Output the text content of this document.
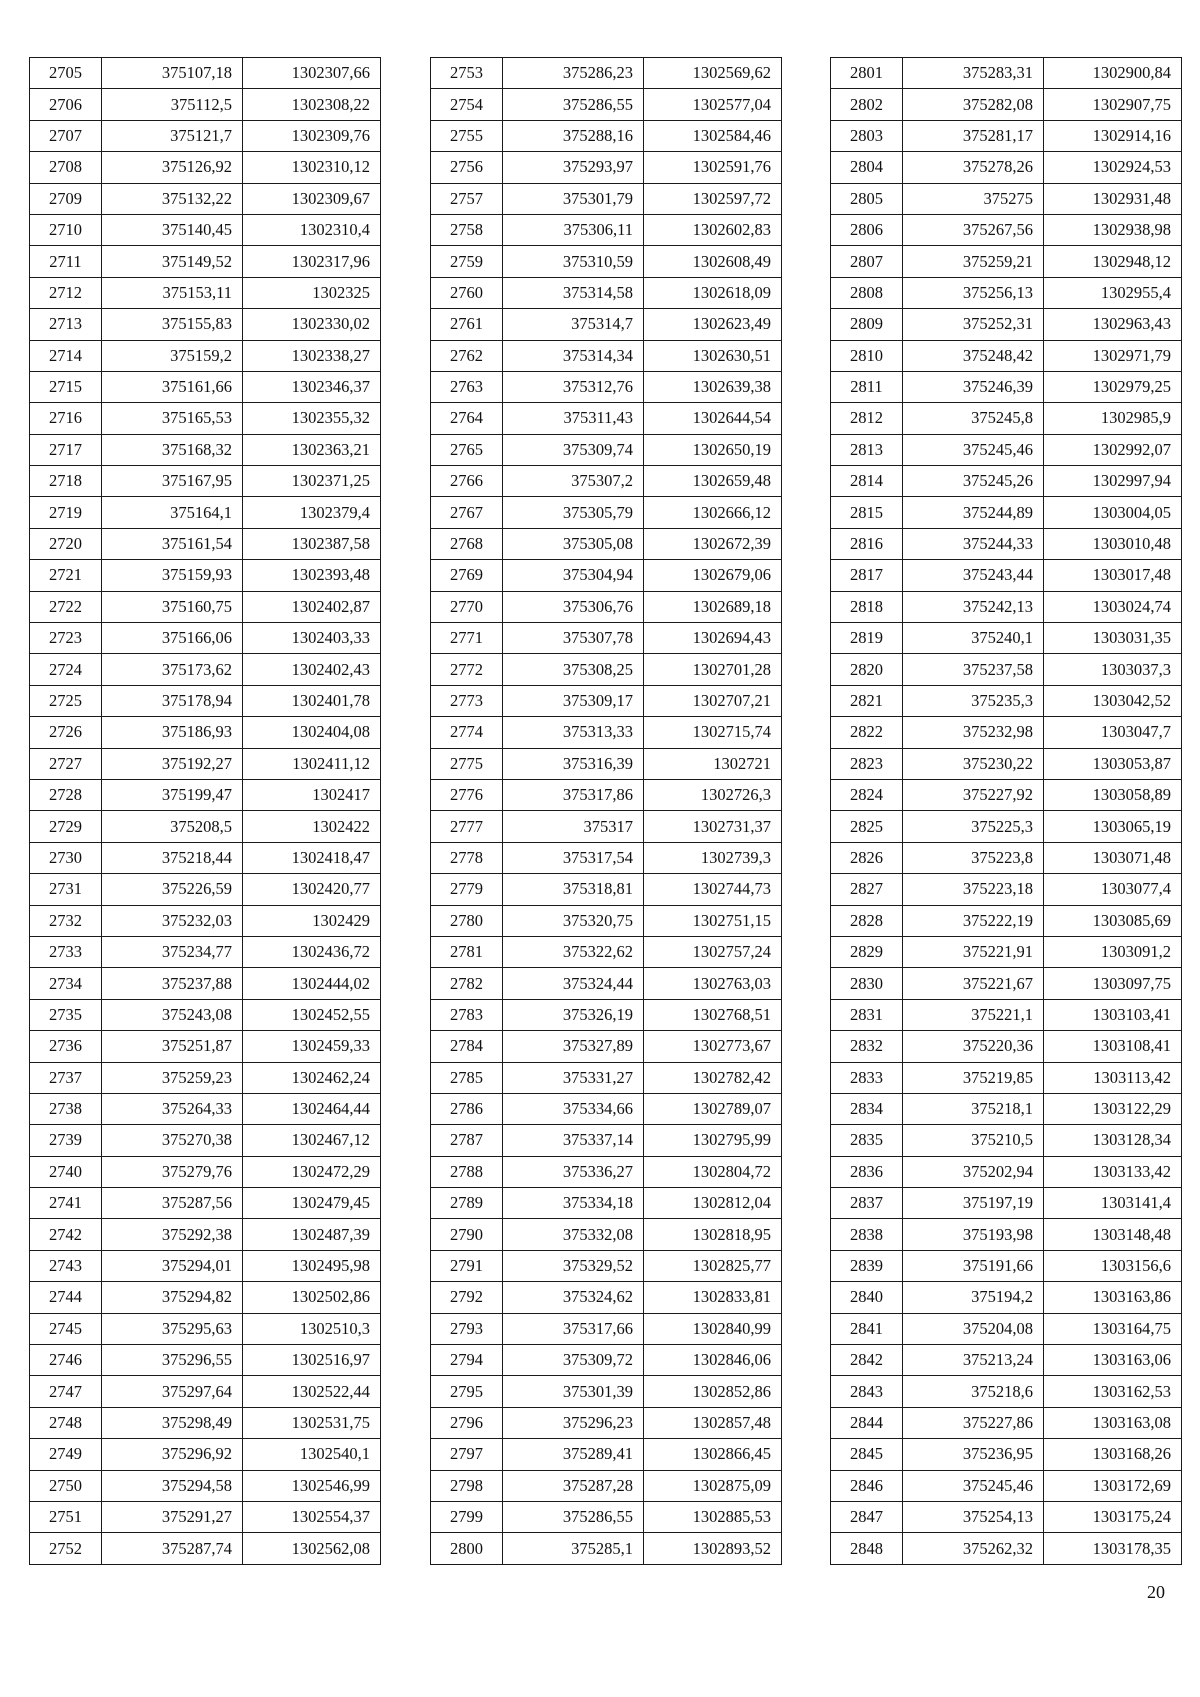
2705	375107,18	1302307,66
2706	375112,5	1302308,22
2707	375121,7	1302309,76
2708	375126,92	1302310,12
2709	375132,22	1302309,67
2710	375140,45	1302310,4
2711	375149,52	1302317,96
2712	375153,11	1302325
2713	375155,83	1302330,02
2714	375159,2	1302338,27
2715	375161,66	1302346,37
2716	375165,53	1302355,32
2717	375168,32	1302363,21
2718	375167,95	1302371,25
2719	375164,1	1302379,4
2720	375161,54	1302387,58
2721	375159,93	1302393,48
2722	375160,75	1302402,87
2723	375166,06	1302403,33
2724	375173,62	1302402,43
2725	375178,94	1302401,78
2726	375186,93	1302404,08
2727	375192,27	1302411,12
2728	375199,47	1302417
2729	375208,5	1302422
2730	375218,44	1302418,47
2731	375226,59	1302420,77
2732	375232,03	1302429
2733	375234,77	1302436,72
2734	375237,88	1302444,02
2735	375243,08	1302452,55
2736	375251,87	1302459,33
2737	375259,23	1302462,24
2738	375264,33	1302464,44
2739	375270,38	1302467,12
2740	375279,76	1302472,29
2741	375287,56	1302479,45
2742	375292,38	1302487,39
2743	375294,01	1302495,98
2744	375294,82	1302502,86
2745	375295,63	1302510,3
2746	375296,55	1302516,97
2747	375297,64	1302522,44
2748	375298,49	1302531,75
2749	375296,92	1302540,1
2750	375294,58	1302546,99
2751	375291,27	1302554,37
2752	375287,74	1302562,08
2753	375286,23	1302569,62
2754	375286,55	1302577,04
2755	375288,16	1302584,46
2756	375293,97	1302591,76
2757	375301,79	1302597,72
2758	375306,11	1302602,83
2759	375310,59	1302608,49
2760	375314,58	1302618,09
2761	375314,7	1302623,49
2762	375314,34	1302630,51
2763	375312,76	1302639,38
2764	375311,43	1302644,54
2765	375309,74	1302650,19
2766	375307,2	1302659,48
2767	375305,79	1302666,12
2768	375305,08	1302672,39
2769	375304,94	1302679,06
2770	375306,76	1302689,18
2771	375307,78	1302694,43
2772	375308,25	1302701,28
2773	375309,17	1302707,21
2774	375313,33	1302715,74
2775	375316,39	1302721
2776	375317,86	1302726,3
2777	375317	1302731,37
2778	375317,54	1302739,3
2779	375318,81	1302744,73
2780	375320,75	1302751,15
2781	375322,62	1302757,24
2782	375324,44	1302763,03
2783	375326,19	1302768,51
2784	375327,89	1302773,67
2785	375331,27	1302782,42
2786	375334,66	1302789,07
2787	375337,14	1302795,99
2788	375336,27	1302804,72
2789	375334,18	1302812,04
2790	375332,08	1302818,95
2791	375329,52	1302825,77
2792	375324,62	1302833,81
2793	375317,66	1302840,99
2794	375309,72	1302846,06
2795	375301,39	1302852,86
2796	375296,23	1302857,48
2797	375289,41	1302866,45
2798	375287,28	1302875,09
2799	375286,55	1302885,53
2800	375285,1	1302893,52
2801	375283,31	1302900,84
2802	375282,08	1302907,75
2803	375281,17	1302914,16
2804	375278,26	1302924,53
2805	375275	1302931,48
2806	375267,56	1302938,98
2807	375259,21	1302948,12
2808	375256,13	1302955,4
2809	375252,31	1302963,43
2810	375248,42	1302971,79
2811	375246,39	1302979,25
2812	375245,8	1302985,9
2813	375245,46	1302992,07
2814	375245,26	1302997,94
2815	375244,89	1303004,05
2816	375244,33	1303010,48
2817	375243,44	1303017,48
2818	375242,13	1303024,74
2819	375240,1	1303031,35
2820	375237,58	1303037,3
2821	375235,3	1303042,52
2822	375232,98	1303047,7
2823	375230,22	1303053,87
2824	375227,92	1303058,89
2825	375225,3	1303065,19
2826	375223,8	1303071,48
2827	375223,18	1303077,4
2828	375222,19	1303085,69
2829	375221,91	1303091,2
2830	375221,67	1303097,75
2831	375221,1	1303103,41
2832	375220,36	1303108,41
2833	375219,85	1303113,42
2834	375218,1	1303122,29
2835	375210,5	1303128,34
2836	375202,94	1303133,42
2837	375197,19	1303141,4
2838	375193,98	1303148,48
2839	375191,66	1303156,6
2840	375194,2	1303163,86
2841	375204,08	1303164,75
2842	375213,24	1303163,06
2843	375218,6	1303162,53
2844	375227,86	1303163,08
2845	375236,95	1303168,26
2846	375245,46	1303172,69
2847	375254,13	1303175,24
2848	375262,32	1303178,35
20
